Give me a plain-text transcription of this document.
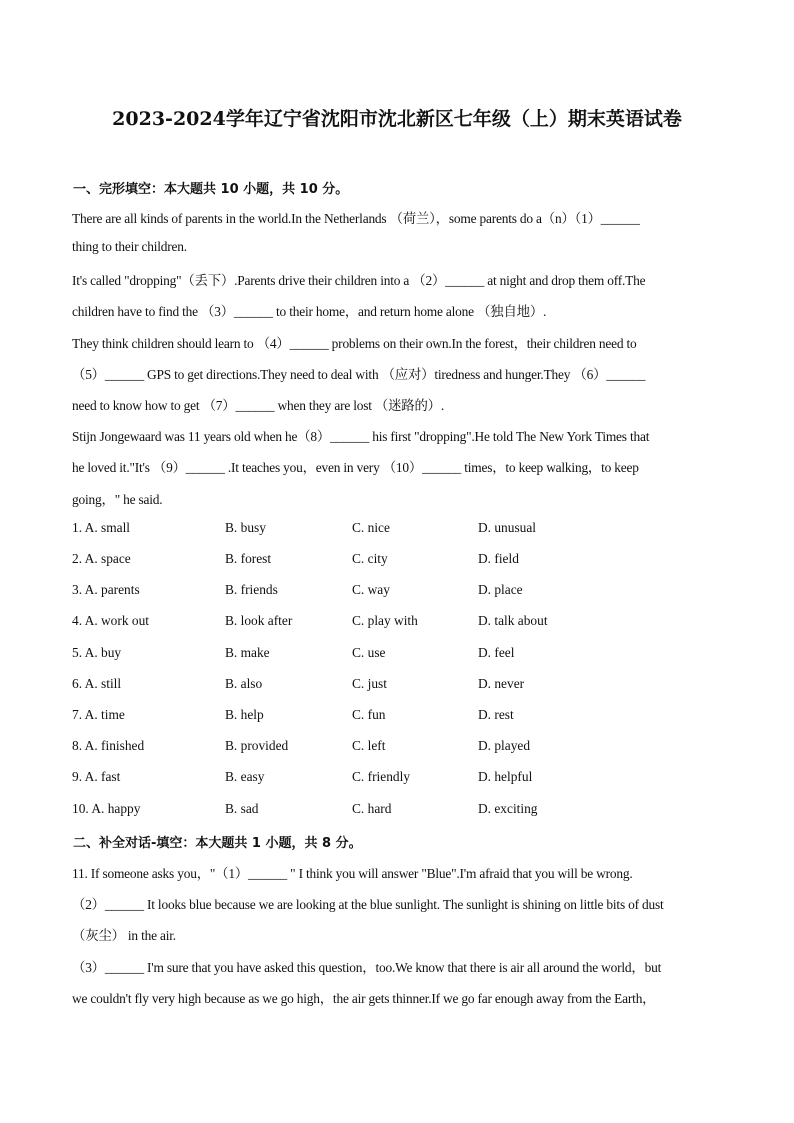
2023-2024学年辽宁省沈阳市沈北新区七年级（上）期末英语试卷
一、完形填空：本大题共 10 小题，共 10 分。
There are all kinds of parents in the world.In the Netherlands （荷兰），some parents do a（n）（1）______
thing to their children.
It's called "dropping"（丢下）.Parents drive their children into a （2）______ at night and drop them off.The
children have to find the （3）______ to their home，and return home alone （独自地）.
They think children should learn to （4）______ problems on their own.In the forest，their children need to
（5）______ GPS to get directions.They need to deal with （应对）tiredness and hunger.They （6）______
need to know how to get （7）______ when they are lost （迷路的）.
Stijn Jongewaard was 11 years old when he（8）______ his first "dropping".He told The New York Times that
he loved it."It's （9）______ .It teaches you，even in very （10）______ times，to keep walking，to keep
going，" he said.
1. A. small	B. busy	C. nice	D. unusual
2. A. space	B. forest	C. city	D. field
3. A. parents	B. friends	C. way	D. place
4. A. work out	B. look after	C. play with	D. talk about
5. A. buy	B. make	C. use	D. feel
6. A. still	B. also	C. just	D. never
7. A. time	B. help	C. fun	D. rest
8. A. finished	B. provided	C. left	D. played
9. A. fast	B. easy	C. friendly	D. helpful
10. A. happy	B. sad	C. hard	D. exciting
二、补全对话-填空：本大题共 1 小题，共 8 分。
11. If someone asks you，"（1）______ " I think you will answer "Blue".I'm afraid that you will be wrong.
（2）______ It looks blue because we are looking at the blue sunlight. The sunlight is shining on little bits of dust
（灰尘） in the air.
（3）______ I'm sure that you have asked this question，too.We know that there is air all around the world，but
we couldn't fly very high because as we go high，the air gets thinner.If we go far enough away from the Earth，
